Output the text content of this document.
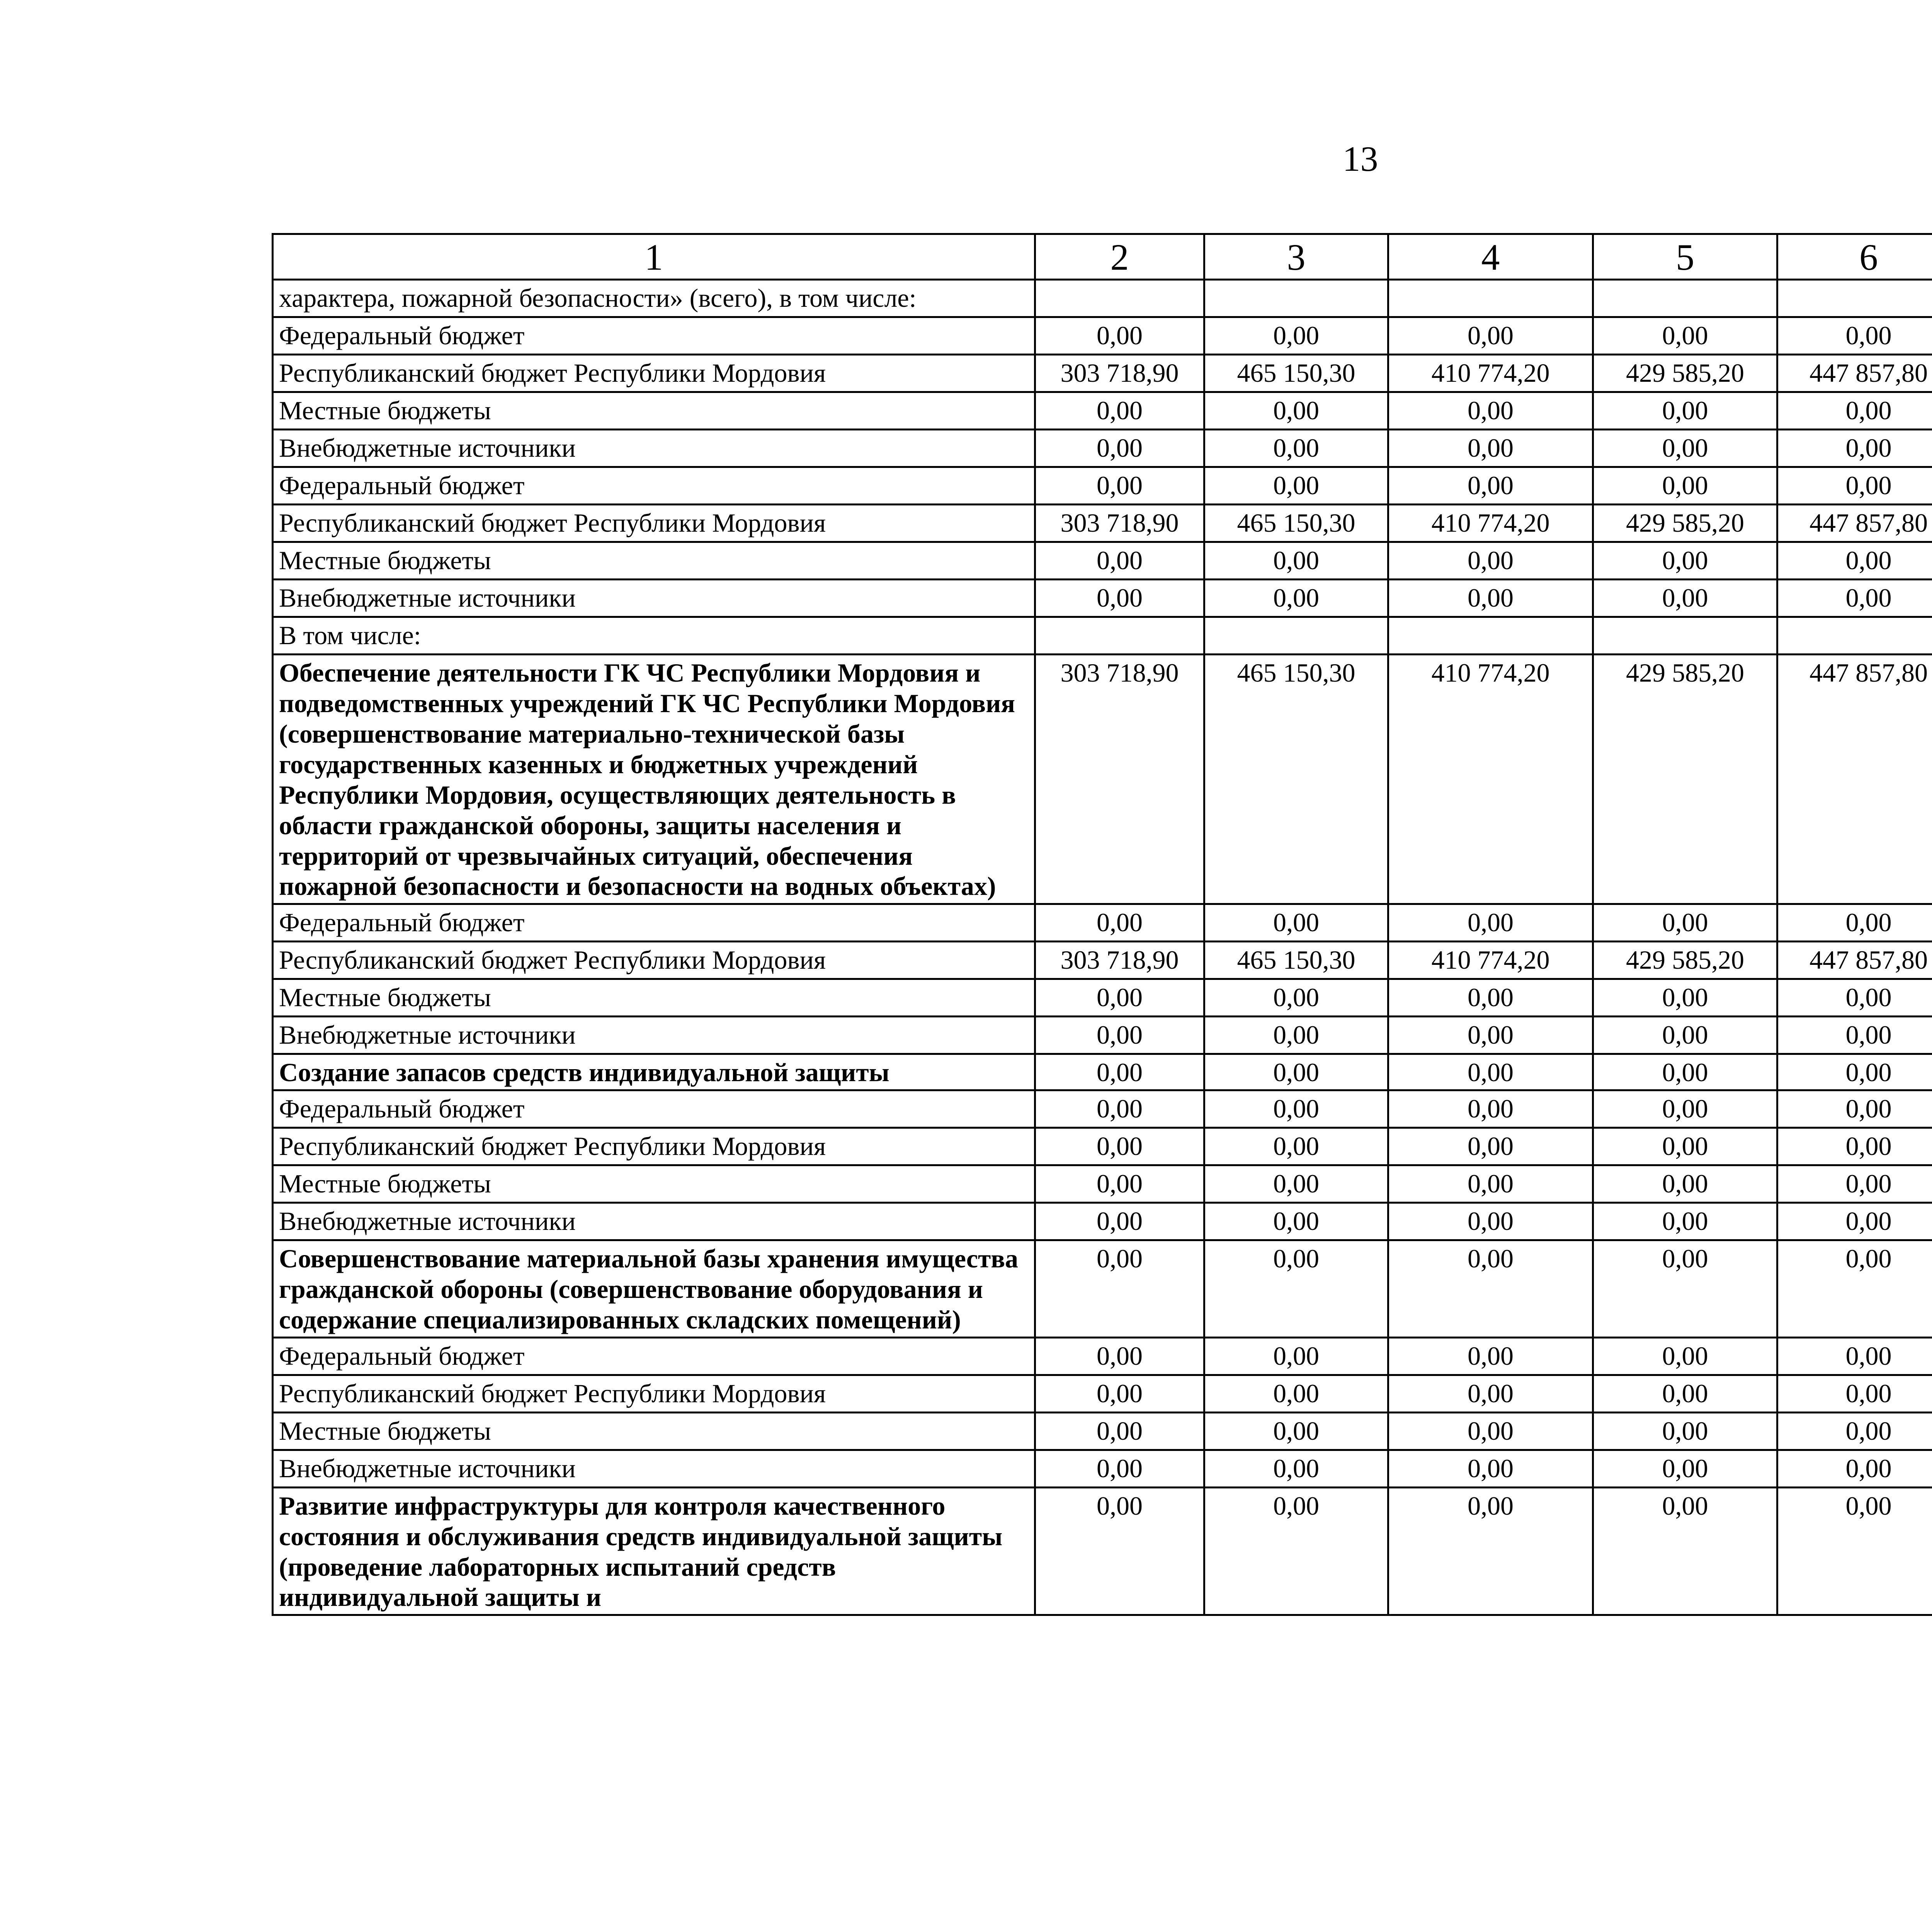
13
1	2	3	4	5	6			
характера, пожарной безопасности» (всего), в том числе:								
Федеральный бюджет	0,00	0,00	0,00	0,00	0,00			
Республиканский бюджет Республики Мордовия	303 718,90	465 150,30	410 774,20	429 585,20	447 857,80			
Местные бюджеты	0,00	0,00	0,00	0,00	0,00			
Внебюджетные источники	0,00	0,00	0,00	0,00	0,00			
Федеральный бюджет	0,00	0,00	0,00	0,00	0,00			
Республиканский бюджет Республики Мордовия	303 718,90	465 150,30	410 774,20	429 585,20	447 857,80			
Местные бюджеты	0,00	0,00	0,00	0,00	0,00			
Внебюджетные источники	0,00	0,00	0,00	0,00	0,00			
В том числе:								
Обеспечение деятельности ГК ЧС Республики Мордовия и подведомственных учреждений ГК ЧС Республики Мордовия (совершенствование материально-технической базы государственных казенных и бюджетных учреждений Республики Мордовия, осуществляющих деятельность в области гражданской обороны, защиты населения и территорий от чрезвычайных ситуаций, обеспечения пожарной безопасности и безопасности на водных объектах)	303 718,90	465 150,30	410 774,20	429 585,20	447 857,80			
Федеральный бюджет	0,00	0,00	0,00	0,00	0,00			
Республиканский бюджет Республики Мордовия	303 718,90	465 150,30	410 774,20	429 585,20	447 857,80			
Местные бюджеты	0,00	0,00	0,00	0,00	0,00			
Внебюджетные источники	0,00	0,00	0,00	0,00	0,00			
Создание запасов средств индивидуальной защиты	0,00	0,00	0,00	0,00	0,00			
Федеральный бюджет	0,00	0,00	0,00	0,00	0,00			
Республиканский бюджет Республики Мордовия	0,00	0,00	0,00	0,00	0,00			
Местные бюджеты	0,00	0,00	0,00	0,00	0,00			
Внебюджетные источники	0,00	0,00	0,00	0,00	0,00			
Совершенствование материальной базы хранения имущества гражданской обороны (совершенствование оборудования и содержание специализированных складских помещений)	0,00	0,00	0,00	0,00	0,00			
Федеральный бюджет	0,00	0,00	0,00	0,00	0,00			
Республиканский бюджет Республики Мордовия	0,00	0,00	0,00	0,00	0,00			
Местные бюджеты	0,00	0,00	0,00	0,00	0,00			
Внебюджетные источники	0,00	0,00	0,00	0,00	0,00			
Развитие инфраструктуры для контроля качественного состояния и обслуживания средств индивидуальной защиты (проведение лабораторных испытаний средств индивидуальной защиты и	0,00	0,00	0,00	0,00	0,00			
